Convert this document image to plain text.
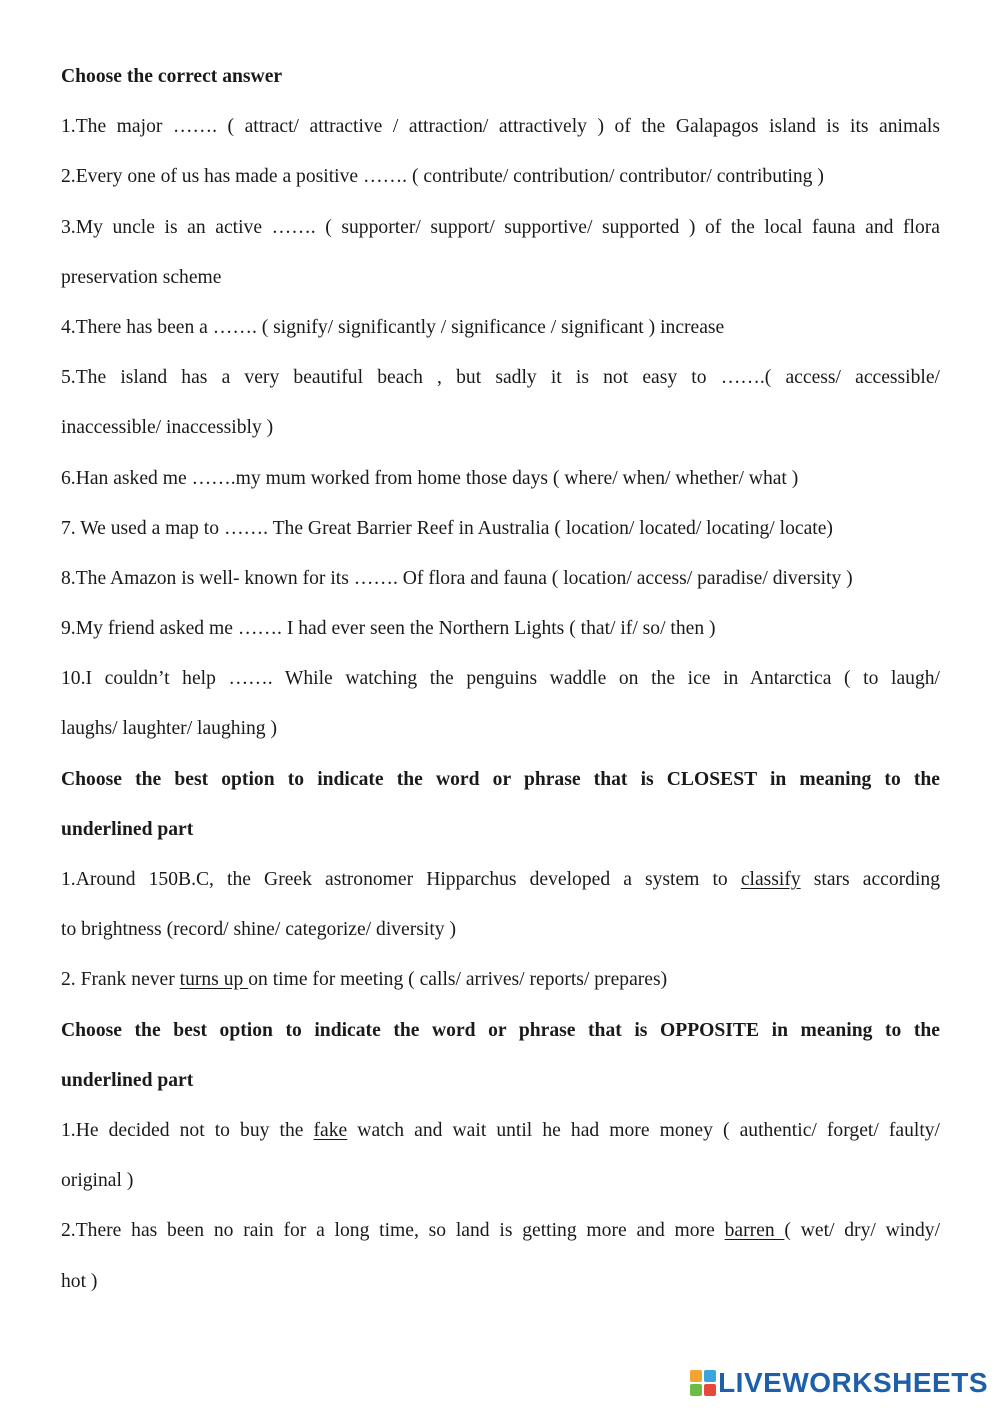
Choose the correct answer
1.The major ……. ( attract/ attractive / attraction/ attractively ) of the Galapagos island is its animals
2.Every one of us has made a positive ……. ( contribute/ contribution/ contributor/ contributing )
3.My uncle is an active ……. ( supporter/ support/ supportive/ supported ) of the local fauna and flora
preservation scheme
4.There has been a ……. ( signify/ significantly / significance / significant ) increase
5.The island has a very beautiful beach , but sadly it is not easy to …….( access/ accessible/
inaccessible/ inaccessibly )
6.Han asked me …….my mum worked from home those days ( where/ when/ whether/ what )
7. We used a map to ……. The Great Barrier Reef in Australia ( location/ located/ locating/ locate)
8.The Amazon is well- known for its ……. Of flora and fauna ( location/ access/ paradise/ diversity )
9.My friend asked me ……. I had ever seen the Northern Lights ( that/ if/ so/ then )
10.I couldn’t help ……. While watching the penguins waddle on the ice in Antarctica ( to laugh/
laughs/ laughter/ laughing )
Choose the best option to indicate the word or phrase that is CLOSEST in meaning to the
underlined part
1.Around 150B.C, the Greek astronomer Hipparchus developed a system to classify stars according
to brightness (record/ shine/ categorize/ diversity )
2. Frank never turns up on time for meeting ( calls/ arrives/ reports/ prepares)
Choose the best option to indicate the word or phrase that is OPPOSITE in meaning to the
underlined part
1.He decided not to buy the fake watch and wait until he had more money ( authentic/ forget/ faulty/
original )
2.There has been no rain for a long time, so land is getting more and more barren ( wet/ dry/ windy/
hot )
LIVEWORKSHEETS
